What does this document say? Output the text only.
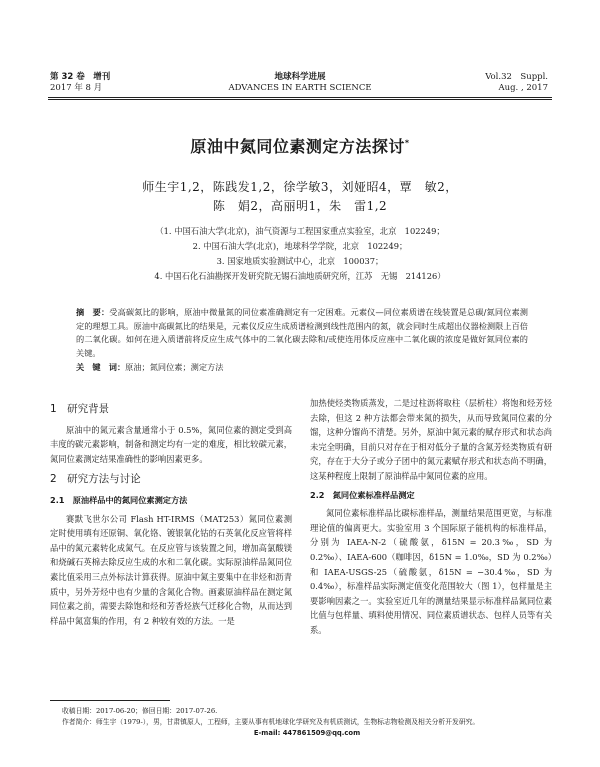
第 32 卷　增刊
2017 年 8 月
地球科学进展
ADVANCES IN EARTH SCIENCE
Vol.32　Suppl.
Aug. , 2017
原油中氮同位素测定方法探讨*
师生宇1,2，陈践发1,2，徐学敏3，刘娅昭4，覃　敏2，
陈　娟2，高丽明1，朱　雷1,2
（1. 中国石油大学(北京)，油气资源与工程国家重点实验室，北京　102249；
2. 中国石油大学(北京)，地球科学学院，北京　102249；
3. 国家地质实验测试中心，北京　100037；
4. 中国石化石油勘探开发研究院无锡石油地质研究所，江苏　无锡　214126）
摘　要：受高碳氮比的影响，原油中微量氮的同位素准确测定有一定困难。元素仪—同位素质谱在线装置是总碳/氮同位素测定的理想工具。原油中高碳氮比的结果是，元素仪反应生成质谱检测到线性范围内的氮，就会同时生成超出仪器检测限上百倍的二氧化碳。如何在进入质谱前将反应生成气体中的二氧化碳去除和/或使连用体反应座中二氧化碳的浓度是做好氮同位素的关键。
关　键　词：原油；氮同位素；测定方法
1　研究背景

原油中的氮元素含量通常小于 0.5%，氮同位素的测定受到高丰度的碳元素影响，制备和测定均有一定的难度，相比较碳元素，氮同位素测定结果准确性的影响因素更多。

2　研究方法与讨论
2.1　原油样品中的氮同位素测定方法

赛默飞世尔公司 Flash HT-IRMS（MAT253）氮同位素测定时使用填有还原铜、氧化铬、镀银氧化钴的石英氧化反应管将样品中的氮元素转化成氮气。在反应管与该装置之间，增加高氯酸镁和烧碱石英棉去除反应生成的水和二氧化碳。实际原油样品氮同位素比值采用三点外标法计算获得。原油中氮主要集中在非烃和沥青质中，另外芳烃中也有少量的含氮化合物。画素原油样品在测定氮同位素之前，需要去除饱和烃和芳香烃族气迁移化合物，从而达到样品中氮富集的作用，有 2 种较有效的方法。一是

加热使烃类物质蒸发，二是过柱沥将取柱（层析柱）将饱和烃芳烃去除，但这 2 种方法都会带来氮的损失，从而导致氮同位素的分馏，这种分馏尚不清楚。另外，原油中氮元素的赋存形式和状态尚未完全明确，目前只对存在于相对低分子量的含氮芳烃类物质有研究，存在于大分子或分子团中的氮元素赋存形式和状态尚不明确，这某种程度上限制了原油样品中氮同位素的应用。

2.2　氮同位素标准样品测定

氮同位素标准样品比碳标准样品，测量结果范围更宽，与标准理论值的偏离更大。实验室用 3 个国际原子能机构的标准样品，分别为 IAEA-N-2（硫酸氨，δ15N = 20.3‰，SD 为 0.2‰）、IAEA-600（咖啡因，δ15N = 1.0‰，SD 为 0.2‰）和 IAEA-USGS-25（硫酸氨，δ15N = −30.4‰，SD 为 0.4‰），标准样品实际测定值变化范围较大（图 1），包样量是主要影响因素之一。实验室近几年的测量结果显示标准样品氮同位素比值与包样量、填料使用情况、同位素质谱状态、包样人员等有关系。

收稿日期：2017-06-20；修回日期：2017-07-26.
作者简介：师生宇（1979-），男，甘肃镇原人，工程师，主要从事有机地球化学研究及有机质测试，生物标志物检测及相关分析开发研究。
E-mail: 447861509@qq.com
